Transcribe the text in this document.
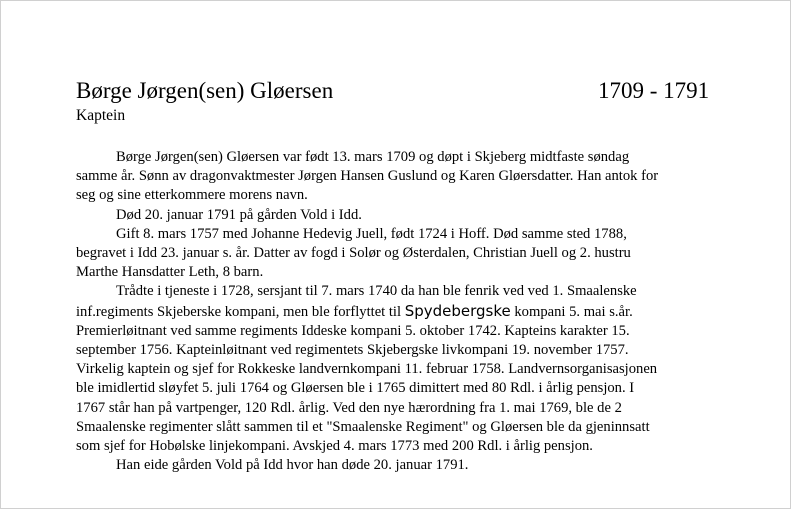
Børge Jørgen(sen) Gløersen	1709 - 1791
Kaptein
Børge Jørgen(sen) Gløersen var født 13. mars 1709 og døpt i Skjeberg midtfaste søndag
samme år. Sønn av dragonvaktmester Jørgen Hansen Guslund og Karen Gløersdatter. Han antok for
seg og sine etterkommere morens navn.
Død 20. januar 1791 på gården Vold i Idd.
Gift 8. mars 1757 med Johanne Hedevig Juell, født 1724 i Hoff. Død samme sted 1788,
begravet i Idd 23. januar s. år. Datter av fogd i Solør og Østerdalen, Christian Juell og 2. hustru
Marthe Hansdatter Leth, 8 barn.
Trådte i tjeneste i 1728, sersjant til 7. mars 1740 da han ble fenrik ved ved 1. Smaalenske
inf.regiments Skjeberske kompani, men ble forflyttet til Spydebergske kompani 5. mai s.år.
Premierløitnant ved samme regiments Iddeske kompani 5. oktober 1742. Kapteins karakter 15.
september 1756. Kapteinløitnant ved regimentets Skjebergske livkompani 19. november 1757.
Virkelig kaptein og sjef for Rokkeske landvernkompani 11. februar 1758. Landvernsorganisasjonen
ble imidlertid sløyfet 5. juli 1764 og Gløersen ble i 1765 dimittert med 80 Rdl. i årlig pensjon. I
1767 står han på vartpenger, 120 Rdl. årlig. Ved den nye hærordning fra 1. mai 1769, ble de 2
Smaalenske regimenter slått sammen til et "Smaalenske Regiment" og Gløersen ble da gjeninnsatt
som sjef for Hobølske linjekompani. Avskjed 4. mars 1773 med 200 Rdl. i årlig pensjon.
Han eide gården Vold på Idd hvor han døde 20. januar 1791.
